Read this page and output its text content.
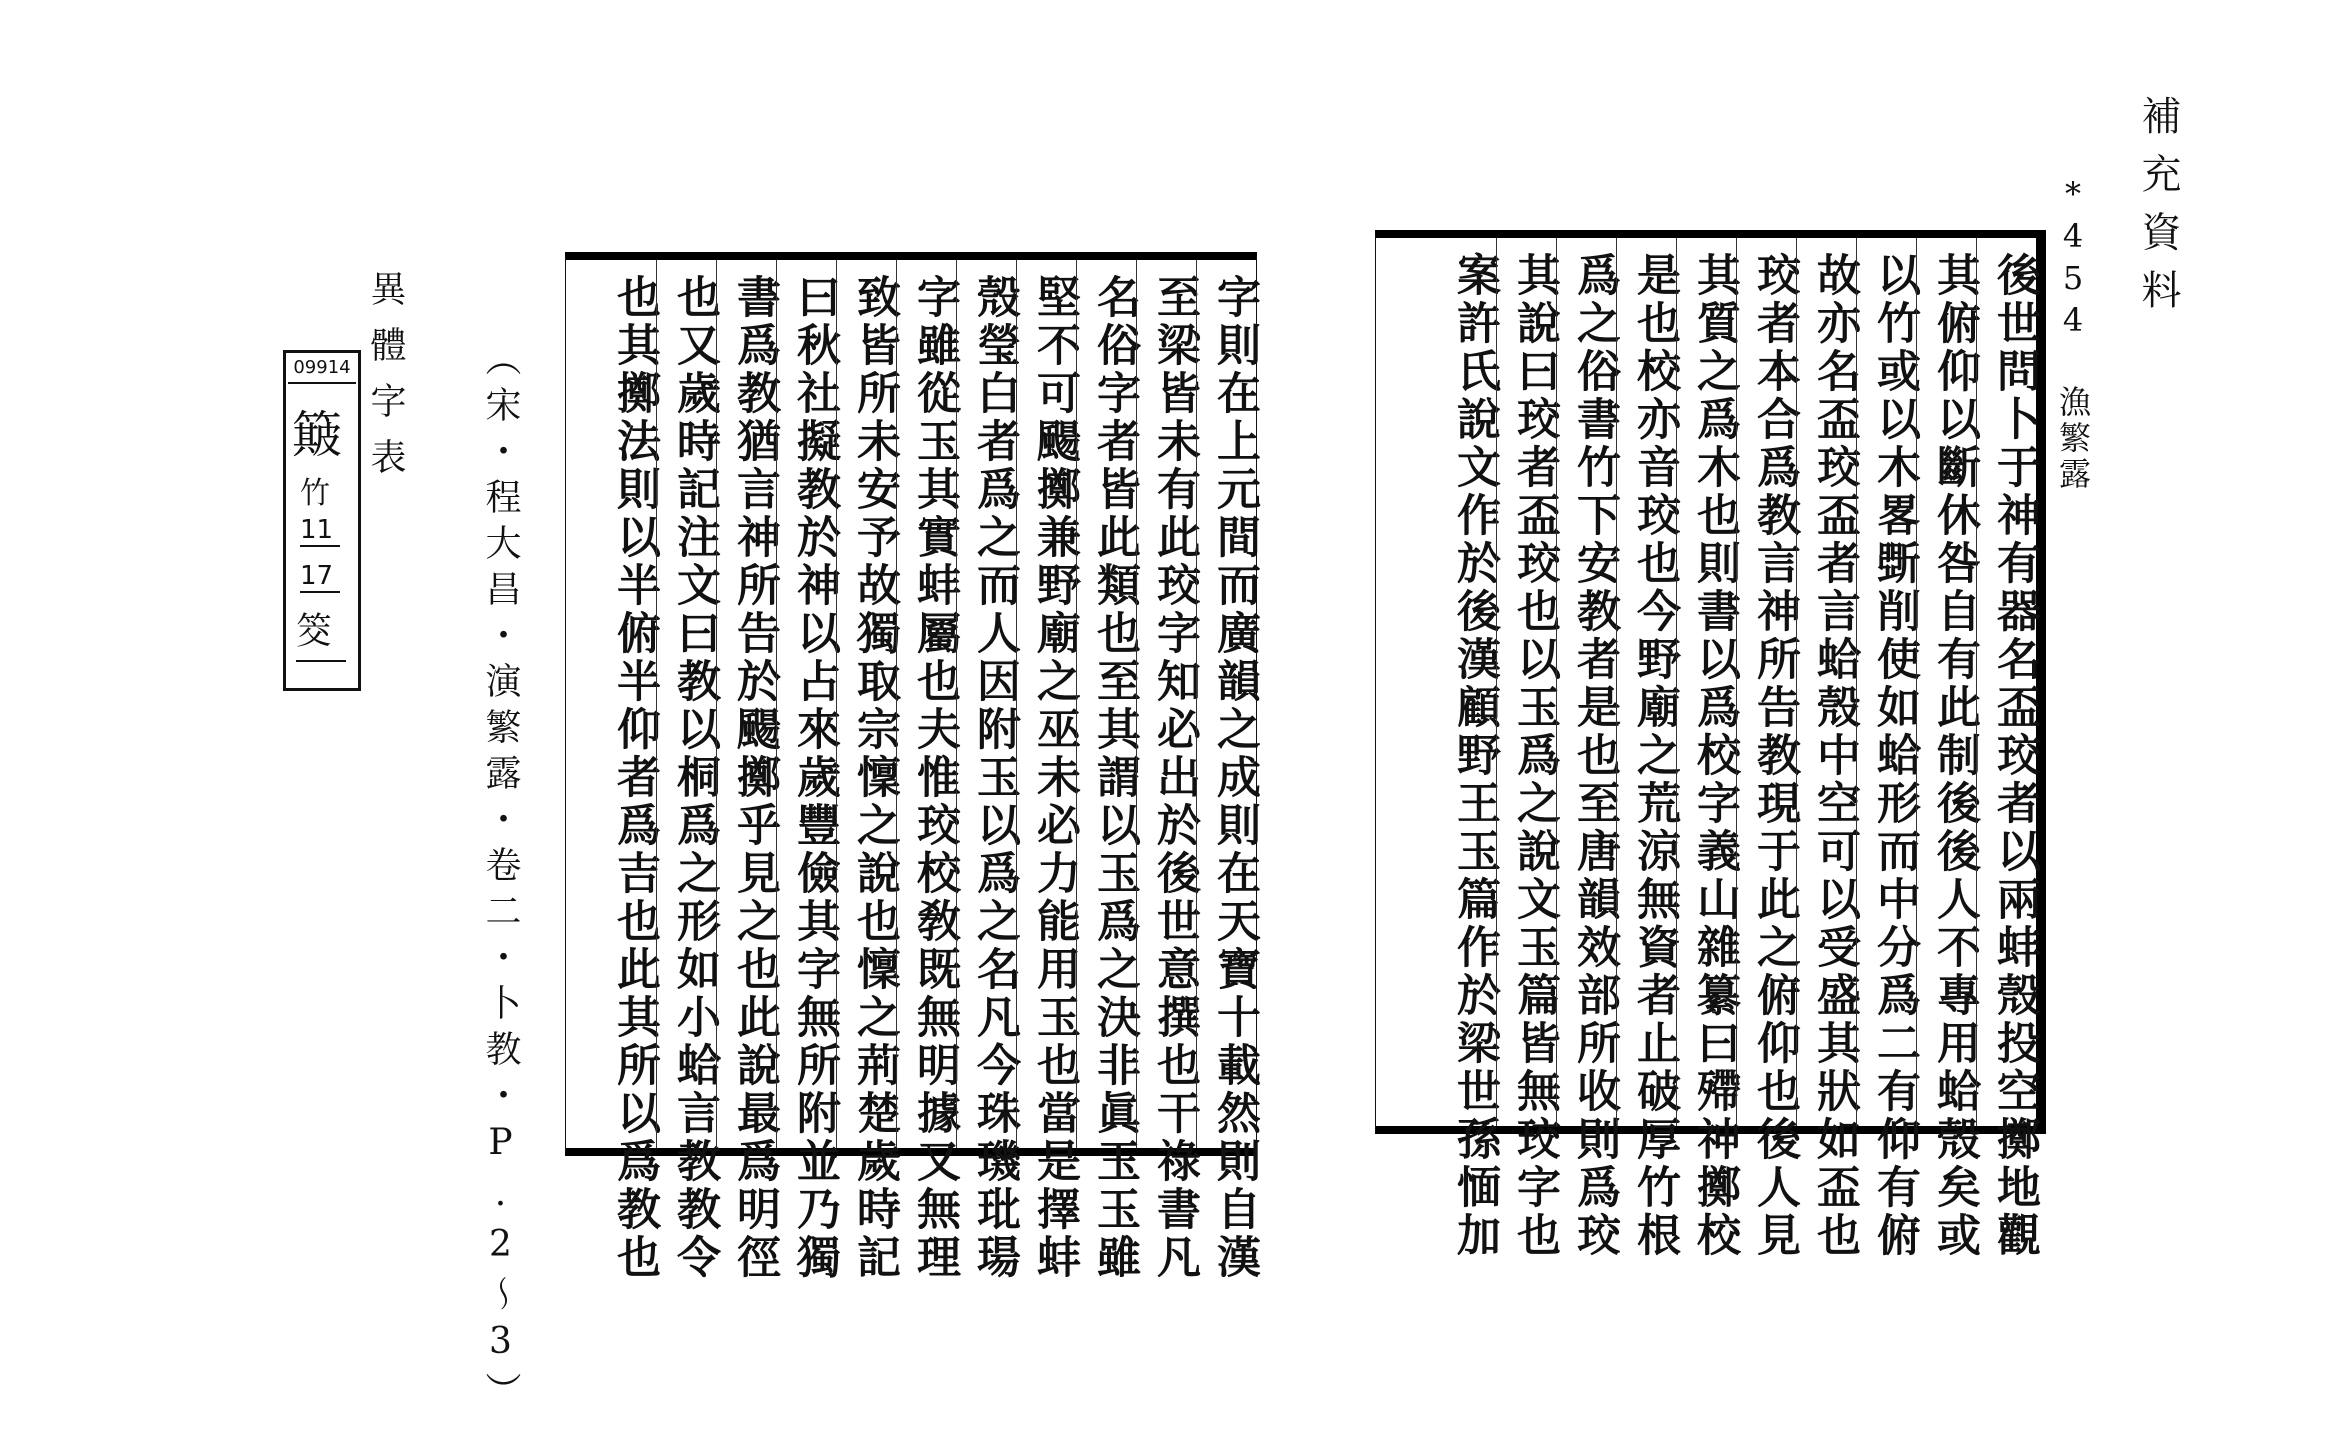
補充資料
*454 漁繁露
異體字表
09914
簸
竹
11
17
筊	（宋・程大昌・演繁露・卷二・卜教・P.2〜3）	字則在上元間而廣韻之成則在天寶十載然則自漢
至梁皆未有此珓字知必出於後世意撰也干祿書凡
名俗字者皆此類也至其謂以玉爲之決非眞玉玉雖
堅不可颺擲兼野廟之巫未必力能用玉也當是擇蚌
殼瑩白者爲之而人因附玉以爲之名凡今珠璣玭瑒
字雖從玉其實蚌屬也夫惟珓校敎既無明據又無理
致皆所未安予故獨取宗懍之說也懍之荊楚歲時記
曰秋社擬教於神以占來歲豐儉其字無所附並乃獨
書爲教猶言神所告於颺擲乎見之也此說最爲明徑
也又歲時記注文曰教以桐爲之形如小蛤言教教令
也其擲法則以半俯半仰者爲吉也此其所以爲教也	後世問卜于神有器名盃珓者以兩蚌殼投空擲地觀
其俯仰以斷休咎自有此制後後人不專用蛤殼矣或
以竹或以木畧斲削使如蛤形而中分爲二有仰有俯
故亦名盃珓盃者言蛤殼中空可以受盛其狀如盃也
珓者本合爲教言神所告教現于此之俯仰也後人見
其質之爲木也則書以爲校字義山雜纂曰殢神擲校
是也校亦音珓也今野廟之荒涼無資者止破厚竹根
爲之俗書竹下安教者是也至唐韻效部所收則爲珓
其說曰珓者盃珓也以玉爲之說文玉篇皆無珓字也
案許氏說文作於後漢顧野王玉篇作於梁世孫愐加
